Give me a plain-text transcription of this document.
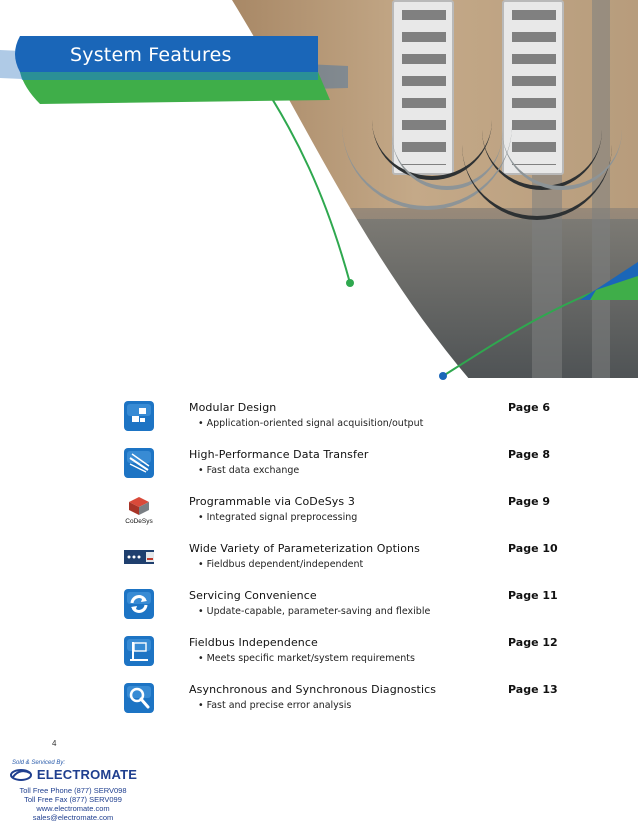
System Features
Modular Design
• Application-oriented signal acquisition/output
Page 6
High-Performance Data Transfer
• Fast data exchange
Page 8
CoDeSys
Programmable via CoDeSys 3
• Integrated signal preprocessing
Page 9
Wide Variety of Parameterization Options
• Fieldbus dependent/independent
Page 10
Servicing Convenience
• Update-capable, parameter-saving and flexible
Page 11
Fieldbus Independence
• Meets specific market/system requirements
Page 12
Asynchronous and Synchronous Diagnostics
• Fast and precise error analysis
Page 13
4
Sold & Serviced By:
ELECTROMATE
Toll Free Phone (877) SERV098
Toll Free Fax (877) SERV099
www.electromate.com
sales@electromate.com
